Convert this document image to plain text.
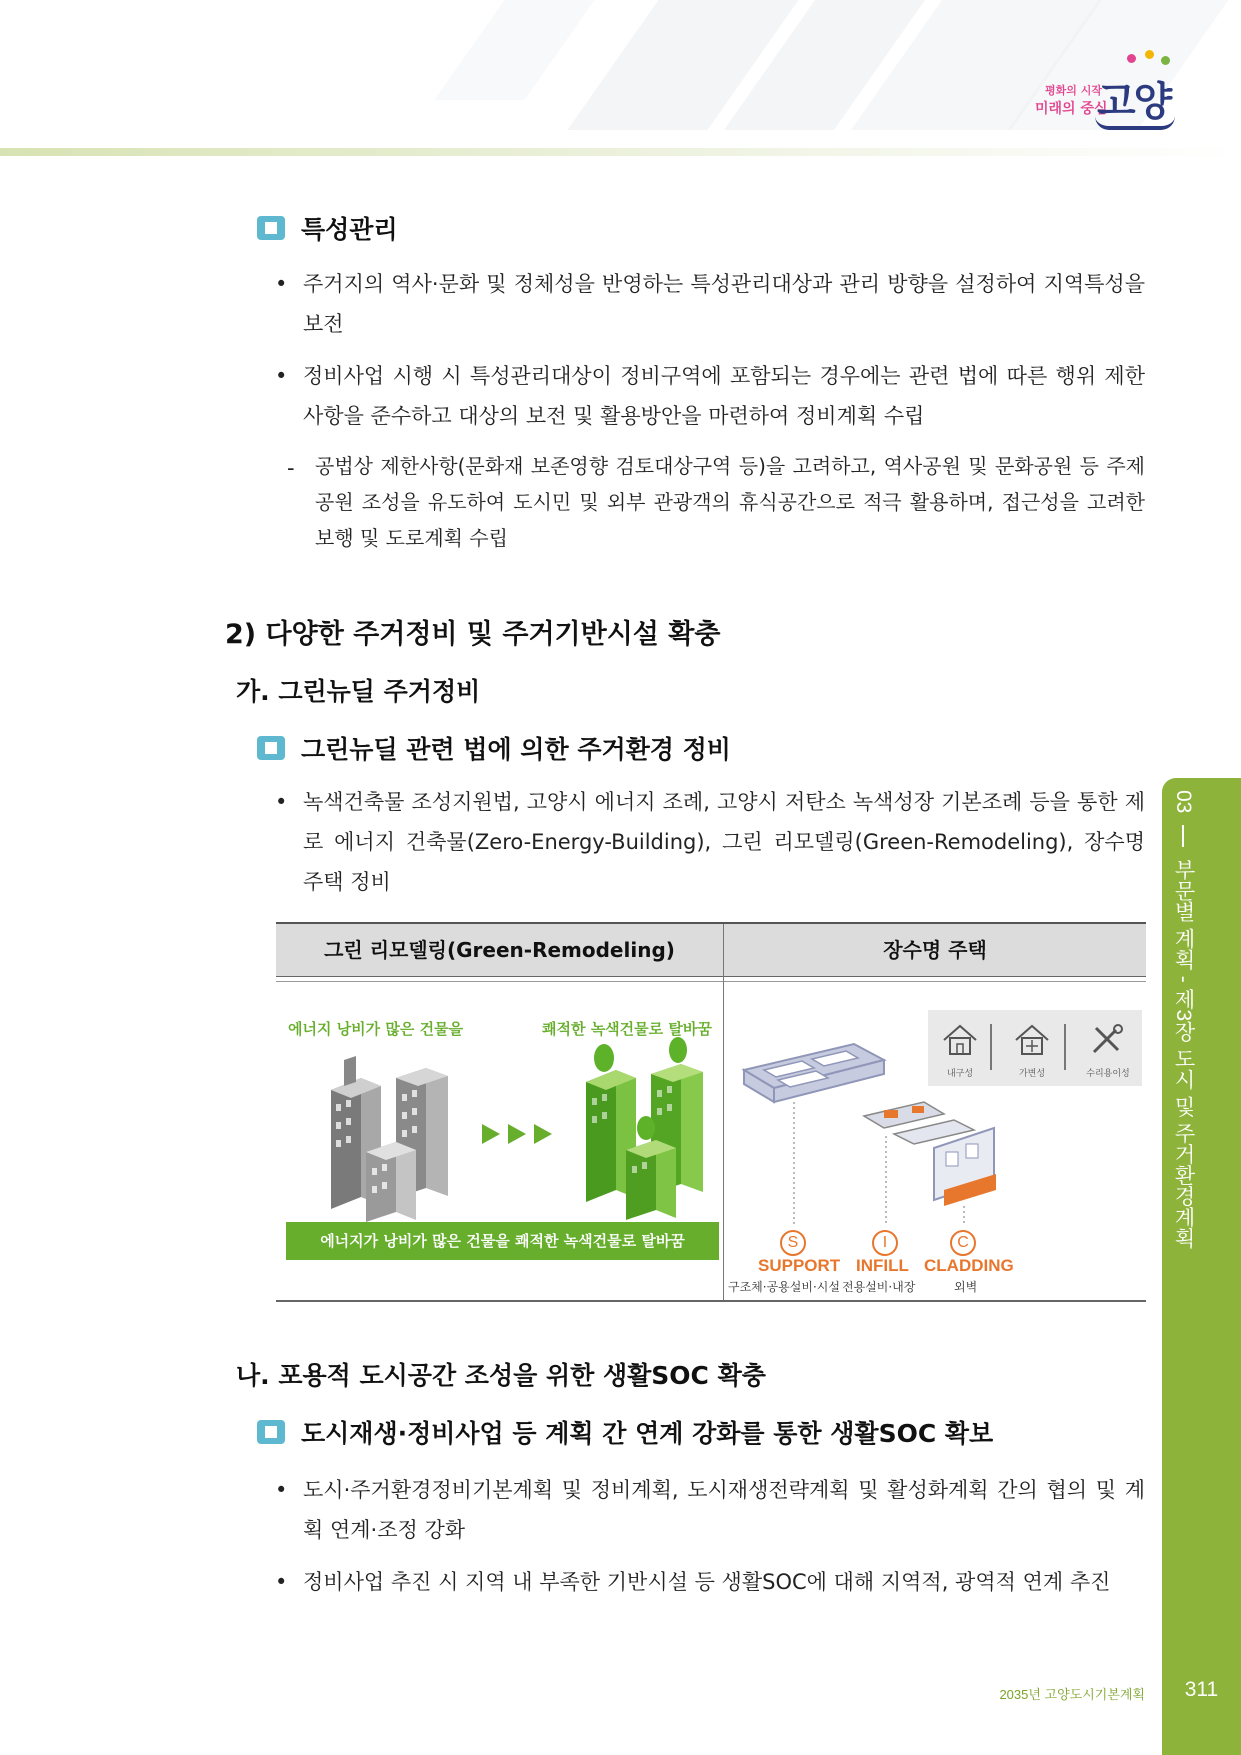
평화의 시작
미래의 중심
고양
특성관리
• 주거지의 역사·문화 및 정체성을 반영하는 특성관리대상과 관리 방향을 설정하여 지역특성을 보전
• 정비사업 시행 시 특성관리대상이 정비구역에 포함되는 경우에는 관련 법에 따른 행위 제한사항을 준수하고 대상의 보전 및 활용방안을 마련하여 정비계획 수립
-	공법상 제한사항(문화재 보존영향 검토대상구역 등)을 고려하고, 역사공원 및 문화공원 등 주제공원 조성을 유도하여 도시민 및 외부 관광객의 휴식공간으로 적극 활용하며, 접근성을 고려한 보행 및 도로계획 수립
2) 다양한 주거정비 및 주거기반시설 확충
가. 그린뉴딜 주거정비
그린뉴딜 관련 법에 의한 주거환경 정비
• 녹색건축물 조성지원법, 고양시 에너지 조례, 고양시 저탄소 녹색성장 기본조례 등을 통한 제로 에너지 건축물(Zero-Energy-Building), 그린 리모델링(Green-Remodeling), 장수명 주택 정비
그린 리모델링(Green-Remodeling)	장수명 주택
에너지 낭비가 많은 건물을	쾌적한 녹색건물로 탈바꿈
에너지가 낭비가 많은 건물을 쾌적한 녹색건물로 탈바꿈
내구성	가변성	수리용이성
S
SUPPORT
구조체·공용설비·시설
I
INFILL
전용설비·내장
C
CLADDING
외벽
나. 포용적 도시공간 조성을 위한 생활SOC 확충
도시재생·정비사업 등 계획 간 연계 강화를 통한 생활SOC 확보
• 도시·주거환경정비기본계획 및 정비계획, 도시재생전략계획 및 활성화계획 간의 협의 및 계획 연계·조정 강화
• 정비사업 추진 시 지역 내 부족한 기반시설 등 생활SOC에 대해 지역적, 광역적 연계 추진
03  부문별 계획 - 제3장 도시 및 주거환경계획
2035년 고양도시기본계획	311
